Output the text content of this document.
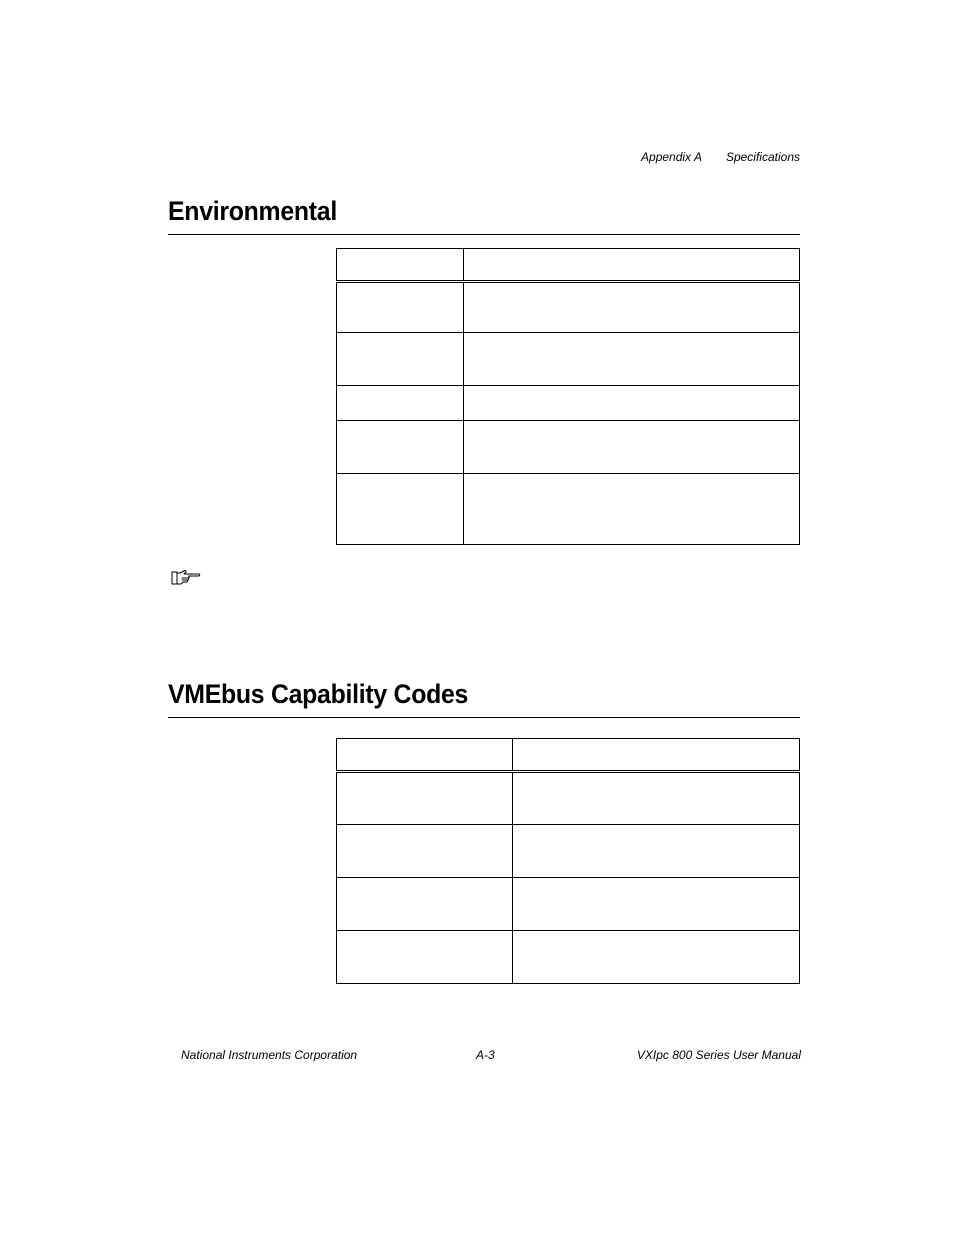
Appendix A Specifications
Environmental

VMEbus Capability Codes

National Instruments Corporation	A-3	VXIpc 800 Series User Manual
